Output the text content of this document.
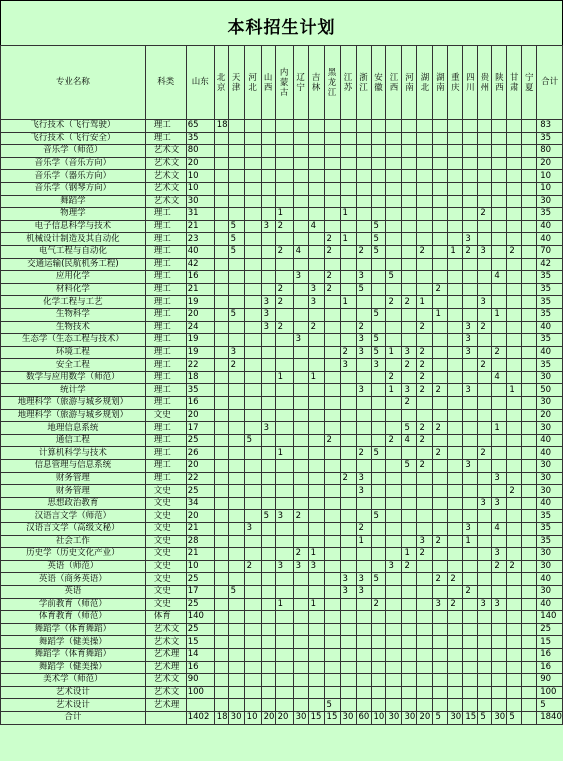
本科招生计划
专业名称	科类	山东	北京	天津	河北	山西	内蒙古	辽宁	吉林	黑龙江	江苏	浙江	安徽	江西	河南	湖北	湖南	重庆	四川	贵州	陕西	甘肃	宁夏	合计
飞行技术（飞行驾驶）	理工	65	18																					83
飞行技术（飞行安全）	理工	35																						35
音乐学（师范）	艺术文	80																						80
音乐学（音乐方向）	艺术文	20																						20
音乐学（器乐方向）	艺术文	10																						10
音乐学（钢琴方向）	艺术文	10																						10
舞蹈学	艺术文	30																						30
物理学	理工	31					1				1									2				35
电子信息科学与技术	理工	21		5		3	2		4				5											40
机械设计制造及其自动化	理工	23		5						2	1		5						3					40
电气工程与自动化	理工	40		5			2	4		2		2	5			2		1	2	3		2		70
交通运输(民航机务工程)	理工	42																						42
应用化学	理工	16						3		2		3		5							4			35
材料化学	理工	21					2		3	2		5					2							35
化学工程与工艺	理工	19				3	2		3		1			2	2	1				3				35
生物科学	理工	20		5		3							5				1				1			35
生物技术	理工	24				3	2		2			2				2			3	2				40
生态学（生态工程与技术）	理工	19						3				3	5						3					35
环境工程	理工	19		3							2	3	5	1	3	2			3		2			40
安全工程	理工	22		2							3		3		2	2				2				35
数学与应用数学（师范）	理工	18					1		1					2		2					4			30
统计学	理工	35										3		1	3	2	2		3			1		50
地理科学（旅游与城乡规划）	理工	16													2									30
地理科学（旅游与城乡规划）	文史	20																						20
地理信息系统	理工	17				3									5	2	2				1			30
通信工程	理工	25			5					2				2	4	2								40
计算机科学与技术	理工	26					1					2	5				2			2				40
信息管理与信息系统	理工	20													5	2			3					30
财务管理	理工	22									2	3									3			30
财务管理	文史	25										3										2		30
思想政治教育	文史	34																		3	3			40
汉语言文学（师范）	文史	20				5	3	2					5											35
汉语言文学（高级文秘）	文史	21			3							2							3		4			35
社会工作	文史	28										1				3	2		1					35
历史学（历史文化产业）	文史	21						2	1						1	2					3			30
英语（师范）	文史	10			2		3	3	3					3	2						2	2		30
英语（商务英语）	文史	25									3	3	5				2	2						40
英语	文史	17		5							3	3							2					30
学前教育（师范）	文史	25					1		1				2				3	2		3	3			40
体育教育（师范）	体育	140																						140
舞蹈学（体育舞蹈）	艺术文	25																						25
舞蹈学（健美操）	艺术文	15																						15
舞蹈学（体育舞蹈）	艺术理	14																						16
舞蹈学（健美操）	艺术理	16																						16
美术学（师范）	艺术文	90																						90
艺术设计	艺术文	100																						100
艺术设计	艺术理									5														5
合计		1402	18	30	10	20	20	30	15	15	30	60	10	30	30	20	5	30	15	5	30	5		1840
